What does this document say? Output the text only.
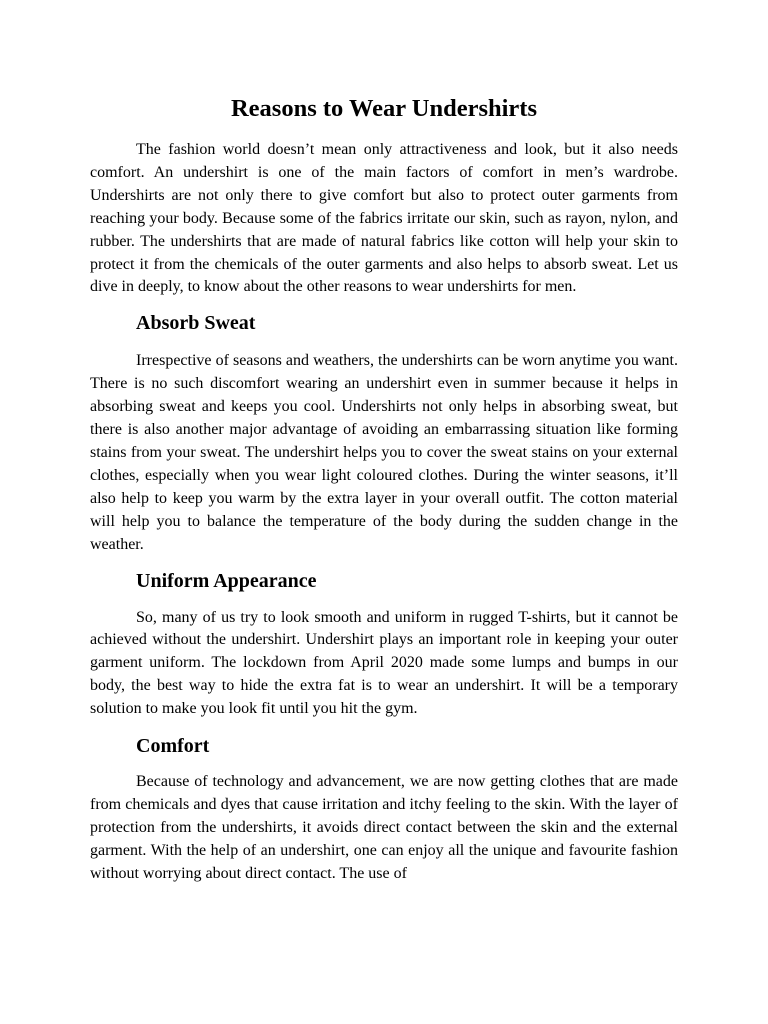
Reasons to Wear Undershirts

The fashion world doesn’t mean only attractiveness and look, but it also needs comfort. An undershirt is one of the main factors of comfort in men’s wardrobe. Undershirts are not only there to give comfort but also to protect outer garments from reaching your body. Because some of the fabrics irritate our skin, such as rayon, nylon, and rubber. The undershirts that are made of natural fabrics like cotton will help your skin to protect it from the chemicals of the outer garments and also helps to absorb sweat. Let us dive in deeply, to know about the other reasons to wear undershirts for men.

Absorb Sweat

Irrespective of seasons and weathers, the undershirts can be worn anytime you want. There is no such discomfort wearing an undershirt even in summer because it helps in absorbing sweat and keeps you cool. Undershirts not only helps in absorbing sweat, but there is also another major advantage of avoiding an embarrassing situation like forming stains from your sweat. The undershirt helps you to cover the sweat stains on your external clothes, especially when you wear light coloured clothes. During the winter seasons, it’ll also help to keep you warm by the extra layer in your overall outfit. The cotton material will help you to balance the temperature of the body during the sudden change in the weather.

Uniform Appearance

So, many of us try to look smooth and uniform in rugged T-shirts, but it cannot be achieved without the undershirt. Undershirt plays an important role in keeping your outer garment uniform. The lockdown from April 2020 made some lumps and bumps in our body, the best way to hide the extra fat is to wear an undershirt. It will be a temporary solution to make you look fit until you hit the gym.

Comfort

Because of technology and advancement, we are now getting clothes that are made from chemicals and dyes that cause irritation and itchy feeling to the skin. With the layer of protection from the undershirts, it avoids direct contact between the skin and the external garment. With the help of an undershirt, one can enjoy all the unique and favourite fashion without worrying about direct contact. The use of
